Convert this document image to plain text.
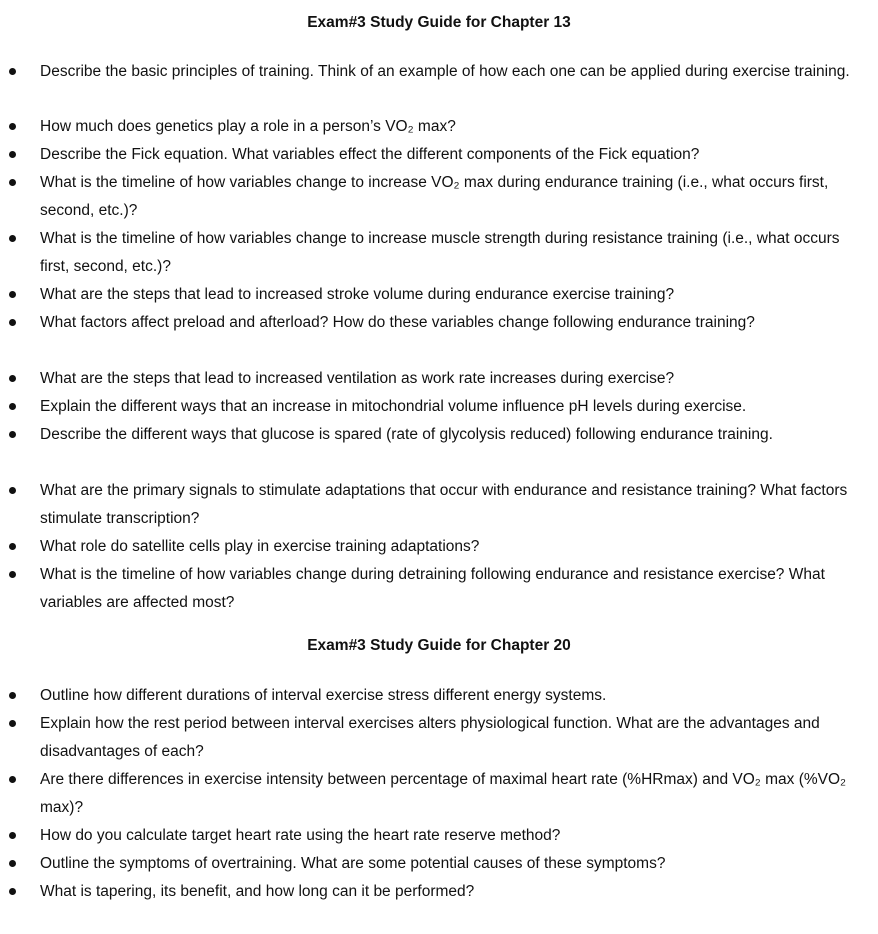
Exam#3 Study Guide for Chapter 13
Describe the basic principles of training. Think of an example of how each one can be applied during exercise training.
How much does genetics play a role in a person’s VO₂ max?
Describe the Fick equation. What variables effect the different components of the Fick equation?
What is the timeline of how variables change to increase VO₂ max during endurance training (i.e., what occurs first, second, etc.)?
What is the timeline of how variables change to increase muscle strength during resistance training (i.e., what occurs first, second, etc.)?
What are the steps that lead to increased stroke volume during endurance exercise training?
What factors affect preload and afterload? How do these variables change following endurance training?
What are the steps that lead to increased ventilation as work rate increases during exercise?
Explain the different ways that an increase in mitochondrial volume influence pH levels during exercise.
Describe the different ways that glucose is spared (rate of glycolysis reduced) following endurance training.
What are the primary signals to stimulate adaptations that occur with endurance and resistance training? What factors stimulate transcription?
What role do satellite cells play in exercise training adaptations?
What is the timeline of how variables change during detraining following endurance and resistance exercise? What variables are affected most?
Exam#3 Study Guide for Chapter 20
Outline how different durations of interval exercise stress different energy systems.
Explain how the rest period between interval exercises alters physiological function. What are the advantages and disadvantages of each?
Are there differences in exercise intensity between percentage of maximal heart rate (%HRmax) and VO₂ max (%VO₂ max)?
How do you calculate target heart rate using the heart rate reserve method?
Outline the symptoms of overtraining. What are some potential causes of these symptoms?
What is tapering, its benefit, and how long can it be performed?
